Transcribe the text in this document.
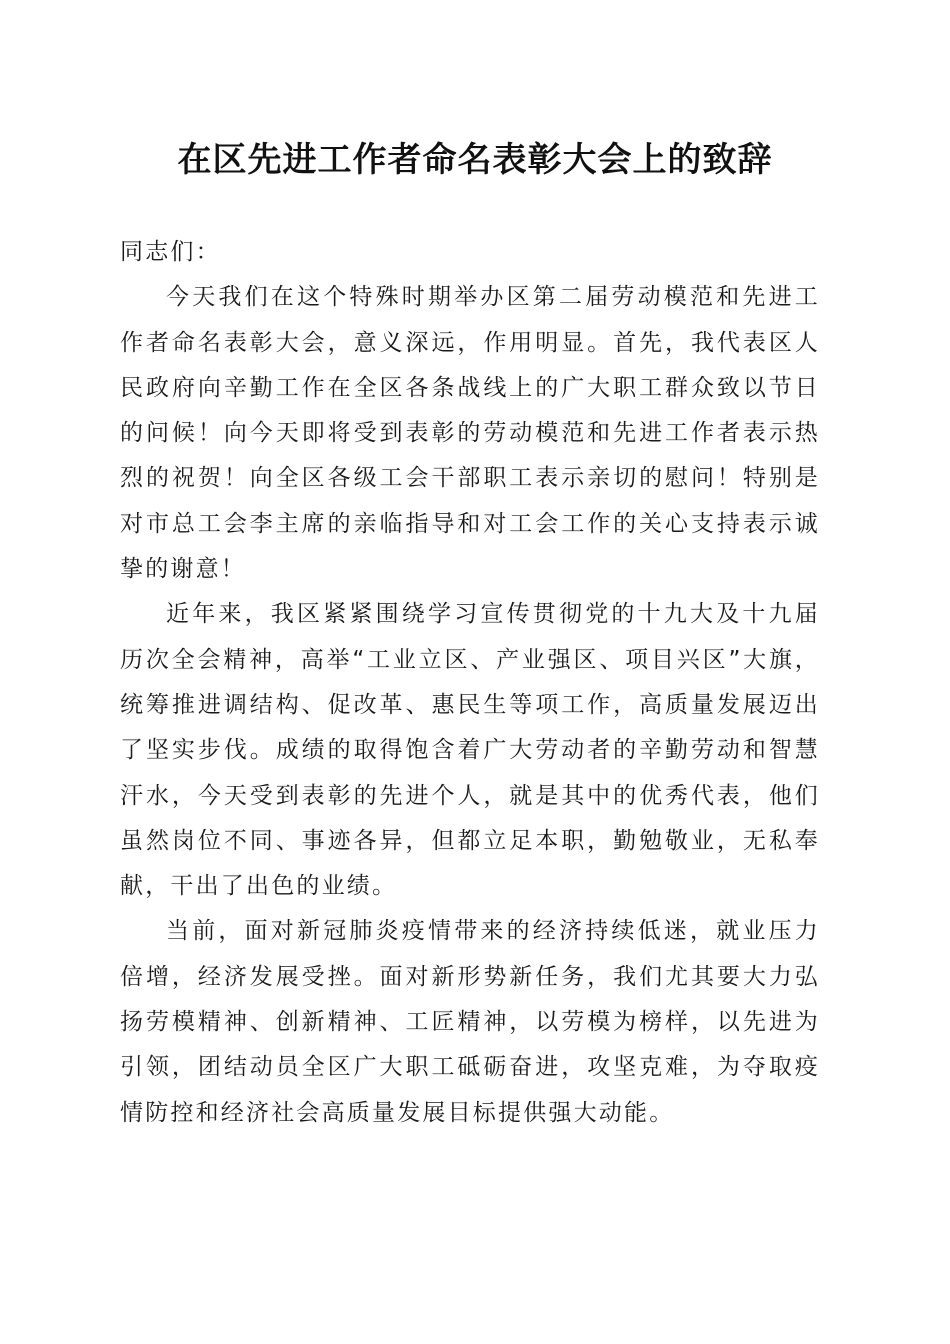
在区先进工作者命名表彰大会上的致辞

同志们：

今天我们在这个特殊时期举办区第二届劳动模范和先进工作者命名表彰大会，意义深远，作用明显。首先，我代表区人民政府向辛勤工作在全区各条战线上的广大职工群众致以节日的问候！向今天即将受到表彰的劳动模范和先进工作者表示热烈的祝贺！向全区各级工会干部职工表示亲切的慰问！特别是对市总工会李主席的亲临指导和对工会工作的关心支持表示诚挚的谢意！

近年来，我区紧紧围绕学习宣传贯彻党的十九大及十九届历次全会精神，高举“工业立区、产业强区、项目兴区”大旗，统筹推进调结构、促改革、惠民生等项工作，高质量发展迈出了坚实步伐。成绩的取得饱含着广大劳动者的辛勤劳动和智慧汗水，今天受到表彰的先进个人，就是其中的优秀代表，他们虽然岗位不同、事迹各异，但都立足本职，勤勉敬业，无私奉献，干出了出色的业绩。

当前，面对新冠肺炎疫情带来的经济持续低迷，就业压力倍增，经济发展受挫。面对新形势新任务，我们尤其要大力弘扬劳模精神、创新精神、工匠精神，以劳模为榜样，以先进为引领，团结动员全区广大职工砥砺奋进，攻坚克难，为夺取疫情防控和经济社会高质量发展目标提供强大动能。
